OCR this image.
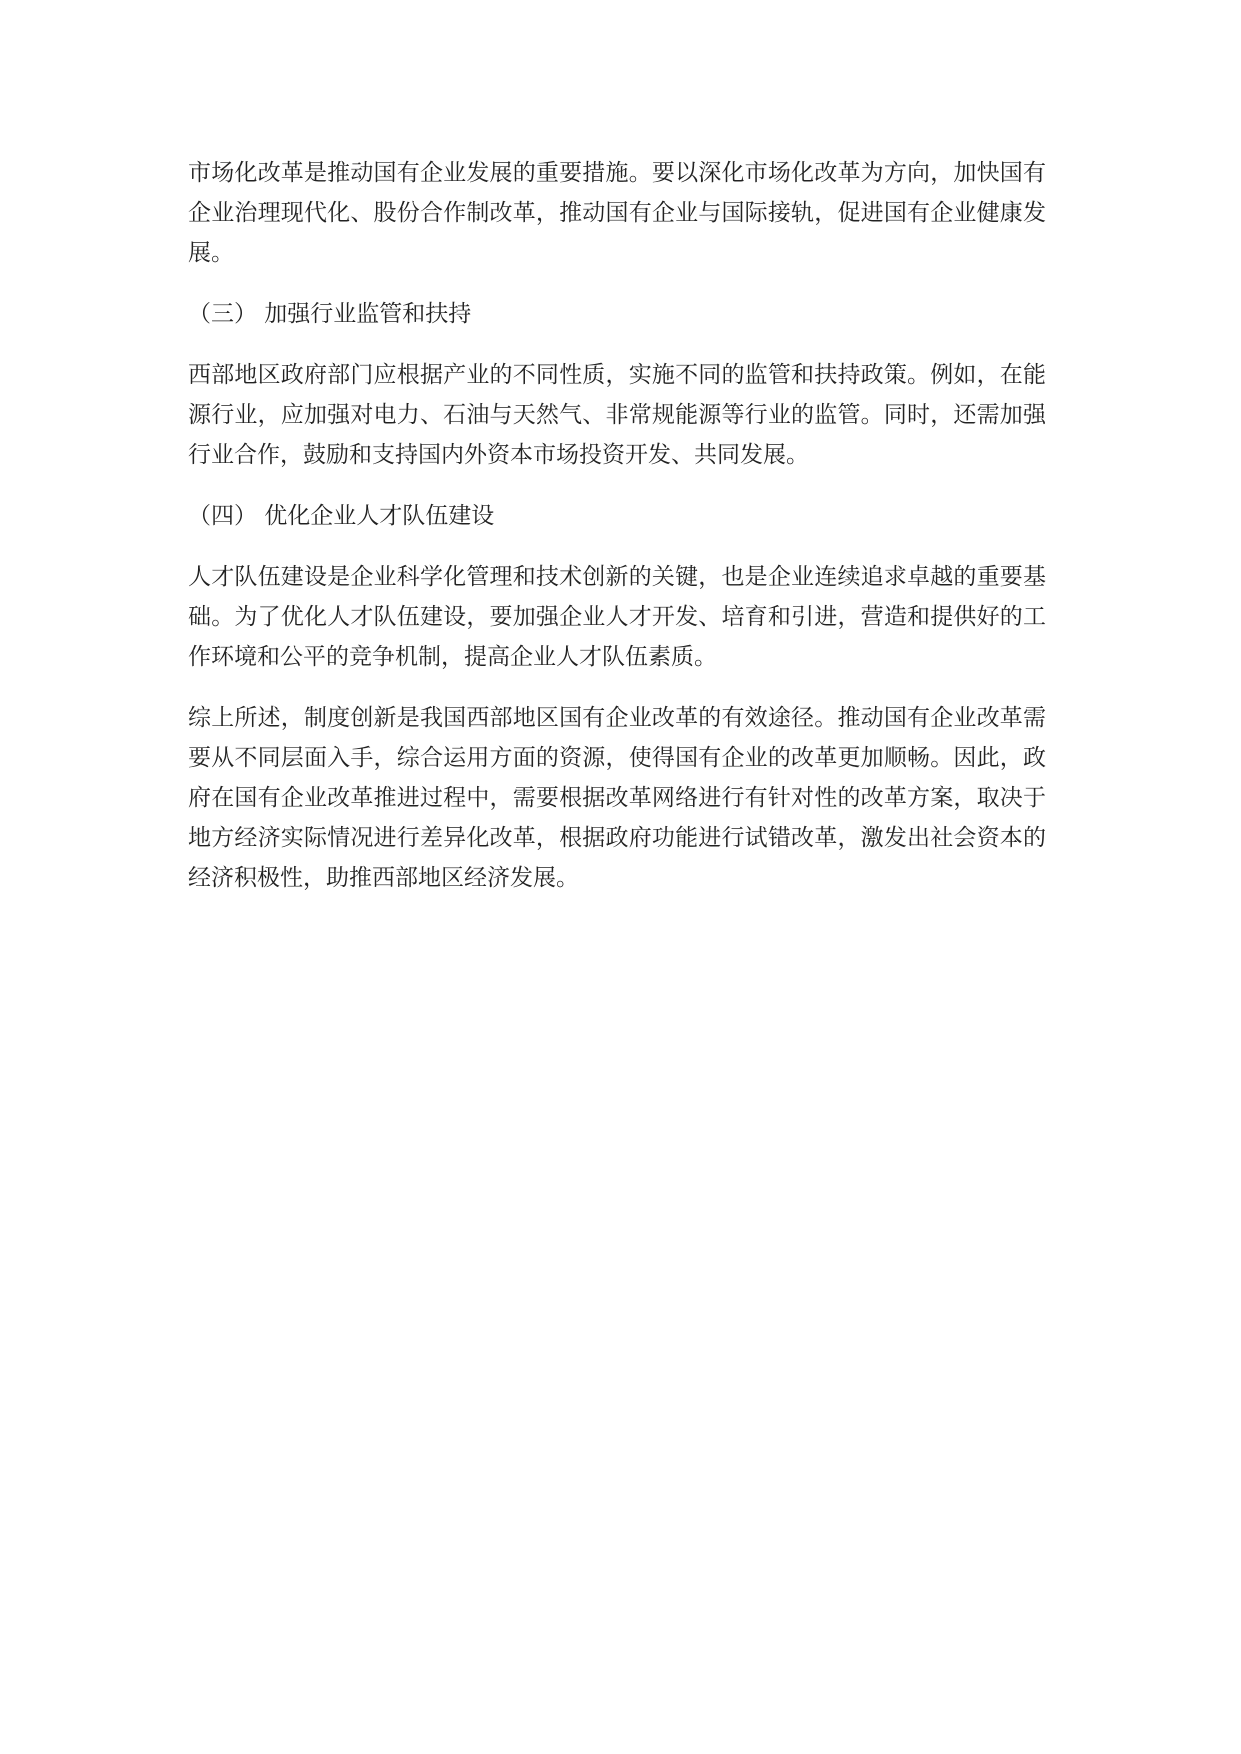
市场化改革是推动国有企业发展的重要措施。要以深化市场化改革为方向，加快国有企业治理现代化、股份合作制改革，推动国有企业与国际接轨，促进国有企业健康发展。

（三） 加强行业监管和扶持

西部地区政府部门应根据产业的不同性质，实施不同的监管和扶持政策。例如，在能源行业，应加强对电力、石油与天然气、非常规能源等行业的监管。同时，还需加强行业合作，鼓励和支持国内外资本市场投资开发、共同发展。

（四） 优化企业人才队伍建设

人才队伍建设是企业科学化管理和技术创新的关键，也是企业连续追求卓越的重要基础。为了优化人才队伍建设，要加强企业人才开发、培育和引进，营造和提供好的工作环境和公平的竞争机制，提高企业人才队伍素质。

综上所述，制度创新是我国西部地区国有企业改革的有效途径。推动国有企业改革需要从不同层面入手，综合运用方面的资源，使得国有企业的改革更加顺畅。因此，政府在国有企业改革推进过程中，需要根据改革网络进行有针对性的改革方案，取决于地方经济实际情况进行差异化改革，根据政府功能进行试错改革，激发出社会资本的经济积极性，助推西部地区经济发展。
